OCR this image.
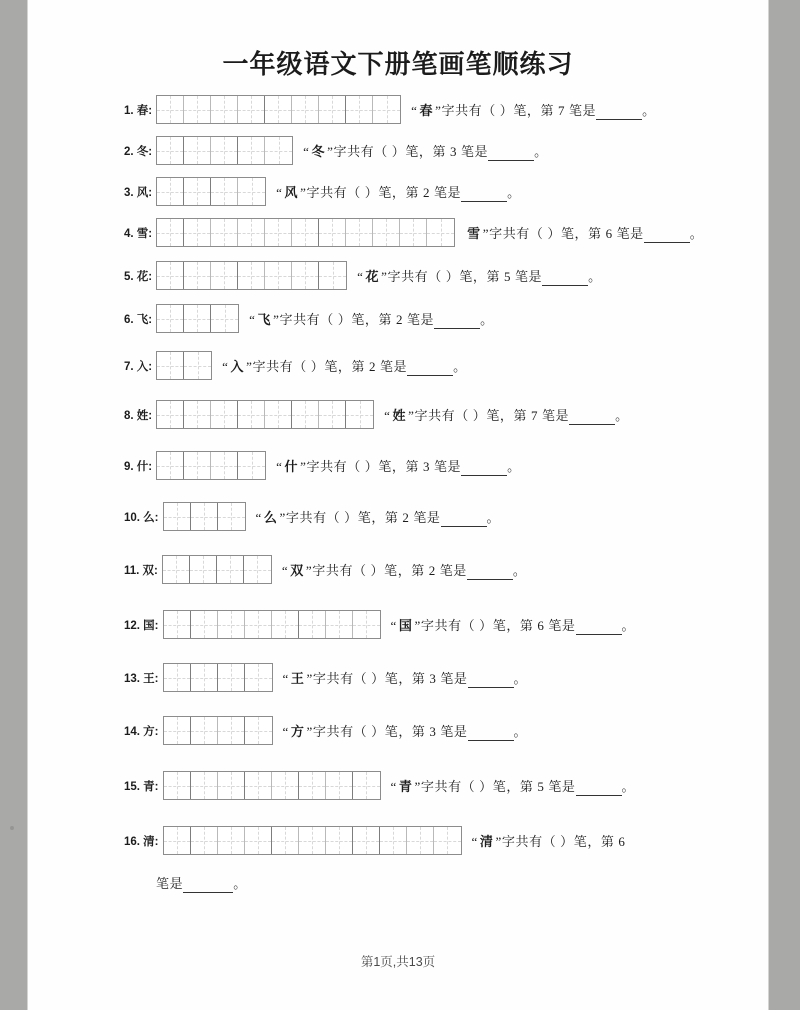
一年级语文下册笔画笔顺练习
1. 春:	“ 春 ”字共有（ ）笔，第 7 笔是	。
2. 冬:	“ 冬 ”字共有（ ）笔，第 3 笔是	。
3. 风:	“ 风 ”字共有（ ）笔，第 2 笔是	。
4. 雪:	雪 ”字共有（ ）笔，第 6 笔是	。
5. 花:	“ 花 ”字共有（ ）笔，第 5 笔是	。
6. 飞:	“ 飞 ”字共有（ ）笔，第 2 笔是	。
7. 入:	“ 入 ”字共有（ ）笔，第 2 笔是	。
8. 姓:	“ 姓 ”字共有（ ）笔，第 7 笔是	。
9. 什:	“ 什 ”字共有（ ）笔，第 3 笔是	。
10. 么:	“ 么 ”字共有（ ）笔，第 2 笔是	。
11. 双:	“ 双 ”字共有（ ）笔，第 2 笔是	。
12. 国:	“ 国 ”字共有（ ）笔，第 6 笔是	。
13. 王:	“ 王 ”字共有（ ）笔，第 3 笔是	。
14. 方:	“ 方 ”字共有（ ）笔，第 3 笔是	。
15. 青:	“ 青 ”字共有（ ）笔，第 5 笔是	。
16. 清:	“ 清 ”字共有（ ）笔，第 6
笔是	。
第1页,共13页
